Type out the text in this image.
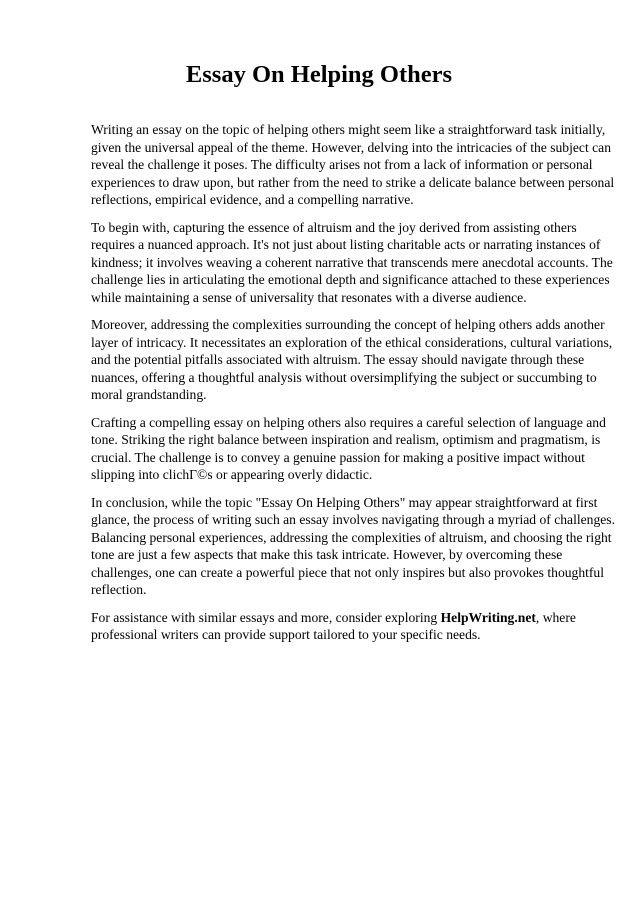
Essay On Helping Others

Writing an essay on the topic of helping others might seem like a straightforward task initially,
given the universal appeal of the theme. However, delving into the intricacies of the subject can
reveal the challenge it poses. The difficulty arises not from a lack of information or personal
experiences to draw upon, but rather from the need to strike a delicate balance between personal
reflections, empirical evidence, and a compelling narrative.

To begin with, capturing the essence of altruism and the joy derived from assisting others
requires a nuanced approach. It's not just about listing charitable acts or narrating instances of
kindness; it involves weaving a coherent narrative that transcends mere anecdotal accounts. The
challenge lies in articulating the emotional depth and significance attached to these experiences
while maintaining a sense of universality that resonates with a diverse audience.

Moreover, addressing the complexities surrounding the concept of helping others adds another
layer of intricacy. It necessitates an exploration of the ethical considerations, cultural variations,
and the potential pitfalls associated with altruism. The essay should navigate through these
nuances, offering a thoughtful analysis without oversimplifying the subject or succumbing to
moral grandstanding.

Crafting a compelling essay on helping others also requires a careful selection of language and
tone. Striking the right balance between inspiration and realism, optimism and pragmatism, is
crucial. The challenge is to convey a genuine passion for making a positive impact without
slipping into clichГ©s or appearing overly didactic.

In conclusion, while the topic "Essay On Helping Others" may appear straightforward at first
glance, the process of writing such an essay involves navigating through a myriad of challenges.
Balancing personal experiences, addressing the complexities of altruism, and choosing the right
tone are just a few aspects that make this task intricate. However, by overcoming these
challenges, one can create a powerful piece that not only inspires but also provokes thoughtful
reflection.

For assistance with similar essays and more, consider exploring HelpWriting.net, where
professional writers can provide support tailored to your specific needs.
